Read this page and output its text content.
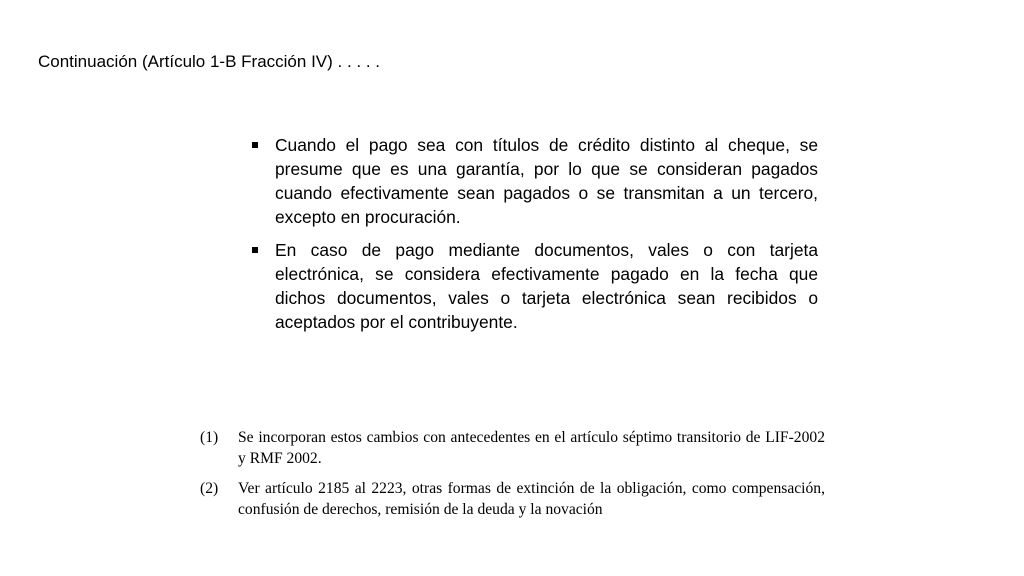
Continuación (Artículo 1-B Fracción IV) . . . . .
Cuando el pago sea con títulos de crédito distinto al cheque, se presume que es una garantía, por lo que se consideran pagados cuando efectivamente sean pagados o se transmitan a un tercero, excepto en procuración.
En caso de pago mediante documentos, vales o con tarjeta electrónica, se considera efectivamente pagado en la fecha que dichos documentos, vales o tarjeta electrónica sean recibidos o aceptados por el contribuyente.
(1)	Se incorporan estos cambios con antecedentes en el artículo séptimo transitorio de LIF-2002 y RMF 2002.
(2)	Ver artículo 2185 al 2223, otras formas de extinción de la obligación, como compensación, confusión de derechos, remisión de la deuda y la novación
